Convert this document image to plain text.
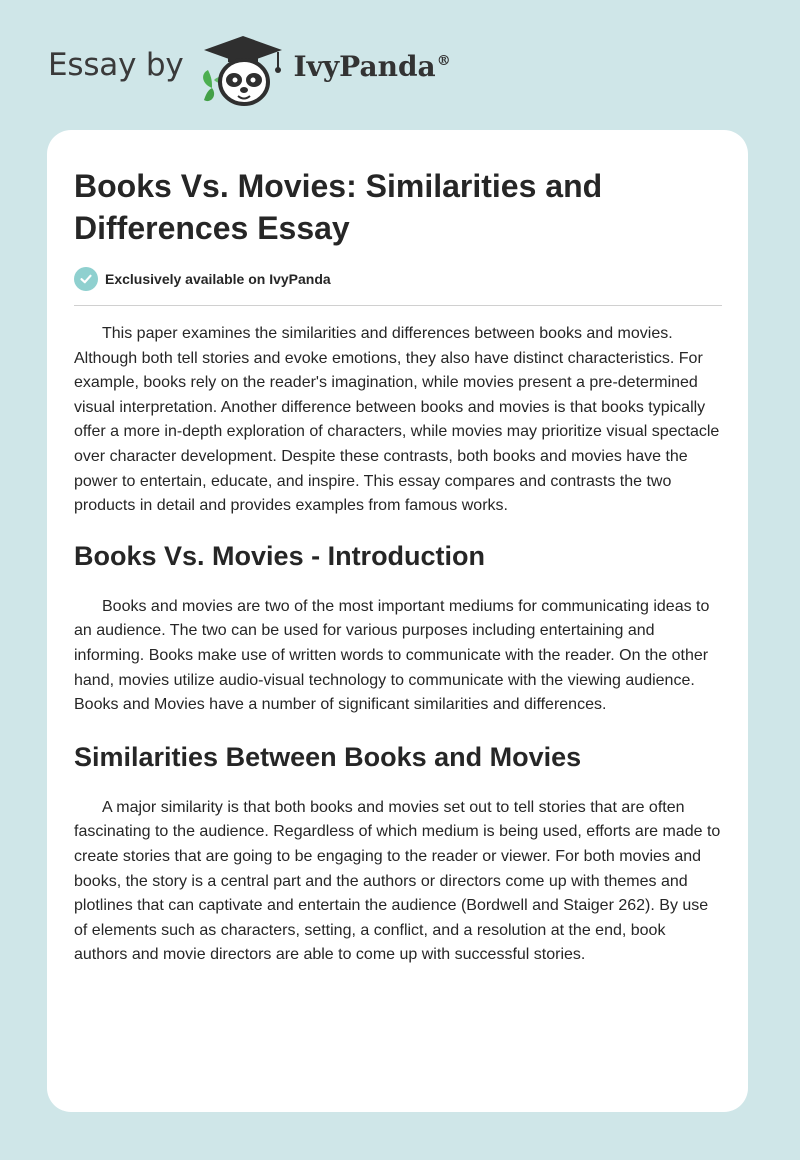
Essay by	IvyPanda®
Books Vs. Movies: Similarities and Differences Essay
Exclusively available on IvyPanda

This paper examines the similarities and differences between books and movies. Although both tell stories and evoke emotions, they also have distinct characteristics. For example, books rely on the reader's imagination, while movies present a pre-determined visual interpretation. Another difference between books and movies is that books typically offer a more in-depth exploration of characters, while movies may prioritize visual spectacle over character development. Despite these contrasts, both books and movies have the power to entertain, educate, and inspire. This essay compares and contrasts the two products in detail and provides examples from famous works.

Books Vs. Movies - Introduction

Books and movies are two of the most important mediums for communicating ideas to an audience. The two can be used for various purposes including entertaining and informing. Books make use of written words to communicate with the reader. On the other hand, movies utilize audio-visual technology to communicate with the viewing audience. Books and Movies have a number of significant similarities and differences.

Similarities Between Books and Movies

A major similarity is that both books and movies set out to tell stories that are often fascinating to the audience. Regardless of which medium is being used, efforts are made to create stories that are going to be engaging to the reader or viewer. For both movies and books, the story is a central part and the authors or directors come up with themes and plotlines that can captivate and entertain the audience (Bordwell and Staiger 262). By use of elements such as characters, setting, a conflict, and a resolution at the end, book authors and movie directors are able to come up with successful stories.
